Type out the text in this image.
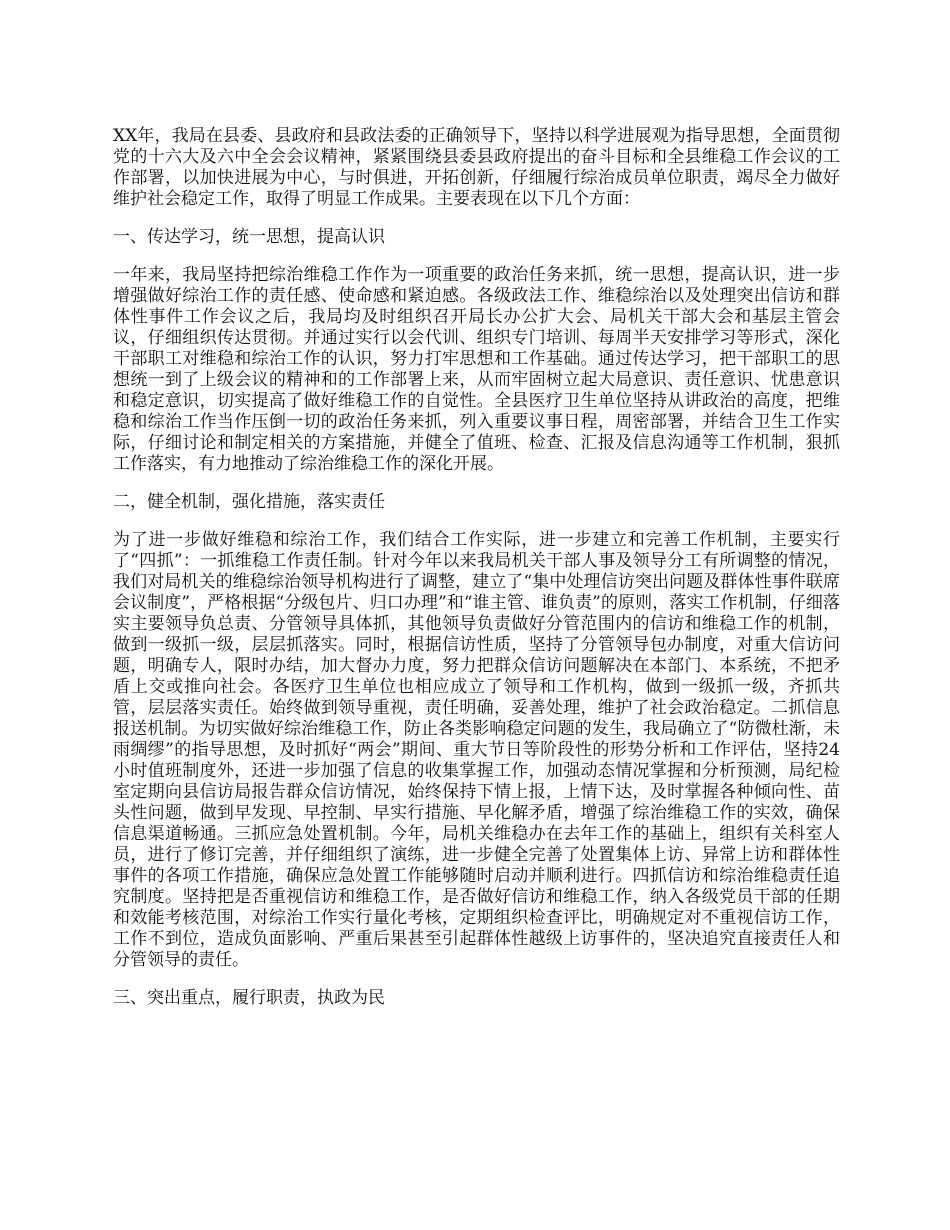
XX年，我局在县委、县政府和县政法委的正确领导下，坚持以科学进展观为指导思想，全面贯彻党的十六大及六中全会会议精神，紧紧围绕县委县政府提出的奋斗目标和全县维稳工作会议的工作部署，以加快进展为中心，与时俱进，开拓创新，仔细履行综治成员单位职责，竭尽全力做好维护社会稳定工作，取得了明显工作成果。主要表现在以下几个方面：

一、传达学习，统一思想，提高认识

一年来，我局坚持把综治维稳工作作为一项重要的政治任务来抓，统一思想，提高认识，进一步增强做好综治工作的责任感、使命感和紧迫感。各级政法工作、维稳综治以及处理突出信访和群体性事件工作会议之后，我局均及时组织召开局长办公扩大会、局机关干部大会和基层主管会议，仔细组织传达贯彻。并通过实行以会代训、组织专门培训、每周半天安排学习等形式，深化干部职工对维稳和综治工作的认识，努力打牢思想和工作基础。通过传达学习，把干部职工的思想统一到了上级会议的精神和的工作部署上来，从而牢固树立起大局意识、责任意识、忧患意识和稳定意识，切实提高了做好维稳工作的自觉性。全县医疗卫生单位坚持从讲政治的高度，把维稳和综治工作当作压倒一切的政治任务来抓，列入重要议事日程，周密部署，并结合卫生工作实际，仔细讨论和制定相关的方案措施，并健全了值班、检查、汇报及信息沟通等工作机制，狠抓工作落实，有力地推动了综治维稳工作的深化开展。

二，健全机制，强化措施，落实责任

为了进一步做好维稳和综治工作，我们结合工作实际，进一步建立和完善工作机制，主要实行了“四抓”：一抓维稳工作责任制。针对今年以来我局机关干部人事及领导分工有所调整的情况，我们对局机关的维稳综治领导机构进行了调整，建立了“集中处理信访突出问题及群体性事件联席会议制度”，严格根据“分级包片、归口办理”和“谁主管、谁负责”的原则，落实工作机制，仔细落实主要领导负总责、分管领导具体抓，其他领导负责做好分管范围内的信访和维稳工作的机制，做到一级抓一级，层层抓落实。同时，根据信访性质，坚持了分管领导包办制度，对重大信访问题，明确专人，限时办结，加大督办力度，努力把群众信访问题解决在本部门、本系统，不把矛盾上交或推向社会。各医疗卫生单位也相应成立了领导和工作机构，做到一级抓一级，齐抓共管，层层落实责任。始终做到领导重视，责任明确，妥善处理，维护了社会政治稳定。二抓信息报送机制。为切实做好综治维稳工作，防止各类影响稳定问题的发生，我局确立了“防微杜渐，未雨绸缪”的指导思想，及时抓好“两会”期间、重大节日等阶段性的形势分析和工作评估，坚持24小时值班制度外，还进一步加强了信息的收集掌握工作，加强动态情况掌握和分析预测，局纪检室定期向县信访局报告群众信访情况，始终保持下情上报，上情下达，及时掌握各种倾向性、苗头性问题，做到早发现、早控制、早实行措施、早化解矛盾，增强了综治维稳工作的实效，确保信息渠道畅通。三抓应急处置机制。今年，局机关维稳办在去年工作的基础上，组织有关科室人员，进行了修订完善，并仔细组织了演练，进一步健全完善了处置集体上访、异常上访和群体性事件的各项工作措施，确保应急处置工作能够随时启动并顺利进行。四抓信访和综治维稳责任追究制度。坚持把是否重视信访和维稳工作，是否做好信访和维稳工作，纳入各级党员干部的任期和效能考核范围，对综治工作实行量化考核，定期组织检查评比，明确规定对不重视信访工作，工作不到位，造成负面影响、严重后果甚至引起群体性越级上访事件的，坚决追究直接责任人和分管领导的责任。

三、突出重点，履行职责，执政为民
